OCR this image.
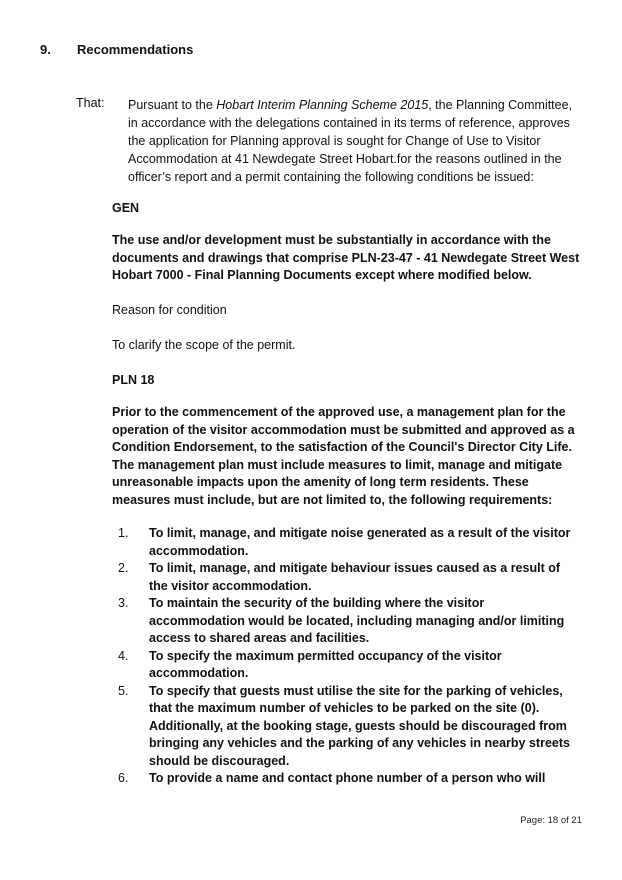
9. Recommendations
That: Pursuant to the Hobart Interim Planning Scheme 2015, the Planning Committee, in accordance with the delegations contained in its terms of reference, approves the application for Planning approval is sought for Change of Use to Visitor Accommodation at 41 Newdegate Street Hobart.for the reasons outlined in the officer’s report and a permit containing the following conditions be issued:
GEN
The use and/or development must be substantially in accordance with the documents and drawings that comprise PLN-23-47 - 41 Newdegate Street West Hobart 7000 - Final Planning Documents except where modified below.
Reason for condition
To clarify the scope of the permit.
PLN 18
Prior to the commencement of the approved use, a management plan for the operation of the visitor accommodation must be submitted and approved as a Condition Endorsement, to the satisfaction of the Council's Director City Life. The management plan must include measures to limit, manage and mitigate unreasonable impacts upon the amenity of long term residents. These measures must include, but are not limited to, the following requirements:
1. To limit, manage, and mitigate noise generated as a result of the visitor accommodation.
2. To limit, manage, and mitigate behaviour issues caused as a result of the visitor accommodation.
3. To maintain the security of the building where the visitor accommodation would be located, including managing and/or limiting access to shared areas and facilities.
4. To specify the maximum permitted occupancy of the visitor accommodation.
5. To specify that guests must utilise the site for the parking of vehicles, that the maximum number of vehicles to be parked on the site (0). Additionally, at the booking stage, guests should be discouraged from bringing any vehicles and the parking of any vehicles in nearby streets should be discouraged.
6. To provide a name and contact phone number of a person who will
Page: 18 of 21
